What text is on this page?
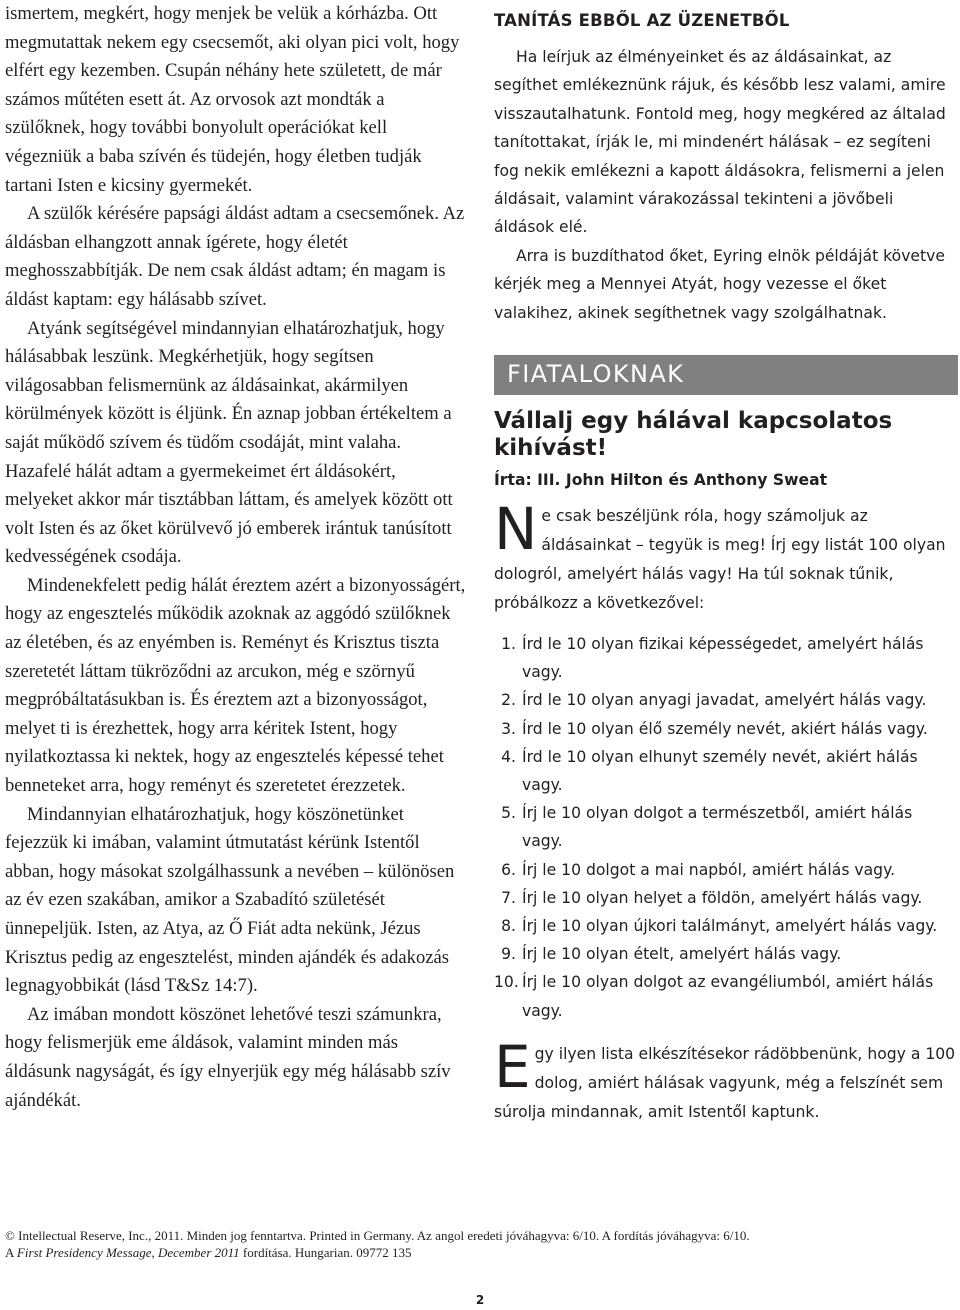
ismertem, megkért, hogy menjek be velük a kórházba. Ott megmutattak nekem egy csecsemőt, aki olyan pici volt, hogy elfért egy kezemben. Csupán néhány hete született, de már számos műtéten esett át. Az orvosok azt mondták a szülőknek, hogy további bonyolult operációkat kell végezniük a baba szívén és tüdején, hogy életben tudják tartani Isten e kicsiny gyermekét.

A szülők kérésére papsági áldást adtam a csecsemőnek. Az áldásban elhangzott annak ígérete, hogy életét meghosszabbítják. De nem csak áldást adtam; én magam is áldást kaptam: egy hálásabb szívet.

Atyánk segítségével mindannyian elhatározhatjuk, hogy hálásabbak leszünk. Megkérhetjük, hogy segítsen világosabban felismernünk az áldásainkat, akármilyen körülmények között is éljünk. Én aznap jobban értékeltem a saját működő szívem és tüdőm csodáját, mint valaha. Hazafelé hálát adtam a gyermekeimet ért áldásokért, melyeket akkor már tisztábban láttam, és amelyek között ott volt Isten és az őket körülvevő jó emberek irántuk tanúsított kedvességének csodája.

Mindenekfelett pedig hálát éreztem azért a bizonyosságért, hogy az engesztelés működik azoknak az aggódó szülőknek az életében, és az enyémben is. Reményt és Krisztus tiszta szeretetét láttam tükröződni az arcukon, még e szörnyű megpróbáltatásukban is. És éreztem azt a bizonyosságot, melyet ti is érezhettek, hogy arra kéritek Istent, hogy nyilatkoztassa ki nektek, hogy az engesztelés képessé tehet benneteket arra, hogy reményt és szeretetet érezzetek.

Mindannyian elhatározhatjuk, hogy köszönetünket fejezzük ki imában, valamint útmutatást kérünk Istentől abban, hogy másokat szolgálhassunk a nevében – különösen az év ezen szakában, amikor a Szabadító születését ünnepeljük. Isten, az Atya, az Ő Fiát adta nekünk, Jézus Krisztus pedig az engesztelést, minden ajándék és adakozás legnagyobbikát (lásd T&Sz 14:7).

Az imában mondott köszönet lehetővé teszi számunkra, hogy felismerjük eme áldások, valamint minden más áldásunk nagyságát, és így elnyerjük egy még hálásabb szív ajándékát.

TANÍTÁS EBBŐL AZ ÜZENETBŐL

Ha leírjuk az élményeinket és az áldásainkat, az segíthet emlékeznünk rájuk, és később lesz valami, amire visszautalhatunk. Fontold meg, hogy megkéred az általad tanítottakat, írják le, mi mindenért hálásak – ez segíteni fog nekik emlékezni a kapott áldásokra, felismerni a jelen áldásait, valamint várakozással tekinteni a jövőbeli áldások elé.

Arra is buzdíthatod őket, Eyring elnök példáját követve kérjék meg a Mennyei Atyát, hogy vezesse el őket valakihez, akinek segíthetnek vagy szolgálhatnak.

FIATALOKNAK
Vállalj egy hálával kapcsolatos kihívást!
Írta: III. John Hilton és Anthony Sweat
N e csak beszéljünk róla, hogy számoljuk az áldásainkat – tegyük is meg! Írj egy listát 100 olyan dologról, amelyért hálás vagy! Ha túl soknak tűnik, próbálkozz a következővel:
1. Írd le 10 olyan fizikai képességedet, amelyért hálás vagy.
2. Írd le 10 olyan anyagi javadat, amelyért hálás vagy.
3. Írd le 10 olyan élő személy nevét, akiért hálás vagy.
4. Írd le 10 olyan elhunyt személy nevét, akiért hálás vagy.
5. Írj le 10 olyan dolgot a természetből, amiért hálás vagy.
6. Írj le 10 dolgot a mai napból, amiért hálás vagy.
7. Írj le 10 olyan helyet a földön, amelyért hálás vagy.
8. Írj le 10 olyan újkori találmányt, amelyért hálás vagy.
9. Írj le 10 olyan ételt, amelyért hálás vagy.
10. Írj le 10 olyan dolgot az evangéliumból, amiért hálás vagy.
E gy ilyen lista elkészítésekor rádöbbenünk, hogy a 100 dolog, amiért hálásak vagyunk, még a felszínét sem súrolja mindannak, amit Istentől kaptunk.
© Intellectual Reserve, Inc., 2011. Minden jog fenntartva. Printed in Germany. Az angol eredeti jóváhagyva: 6/10. A fordítás jóváhagyva: 6/10.
A First Presidency Message, December 2011 fordítása. Hungarian. 09772 135
2
